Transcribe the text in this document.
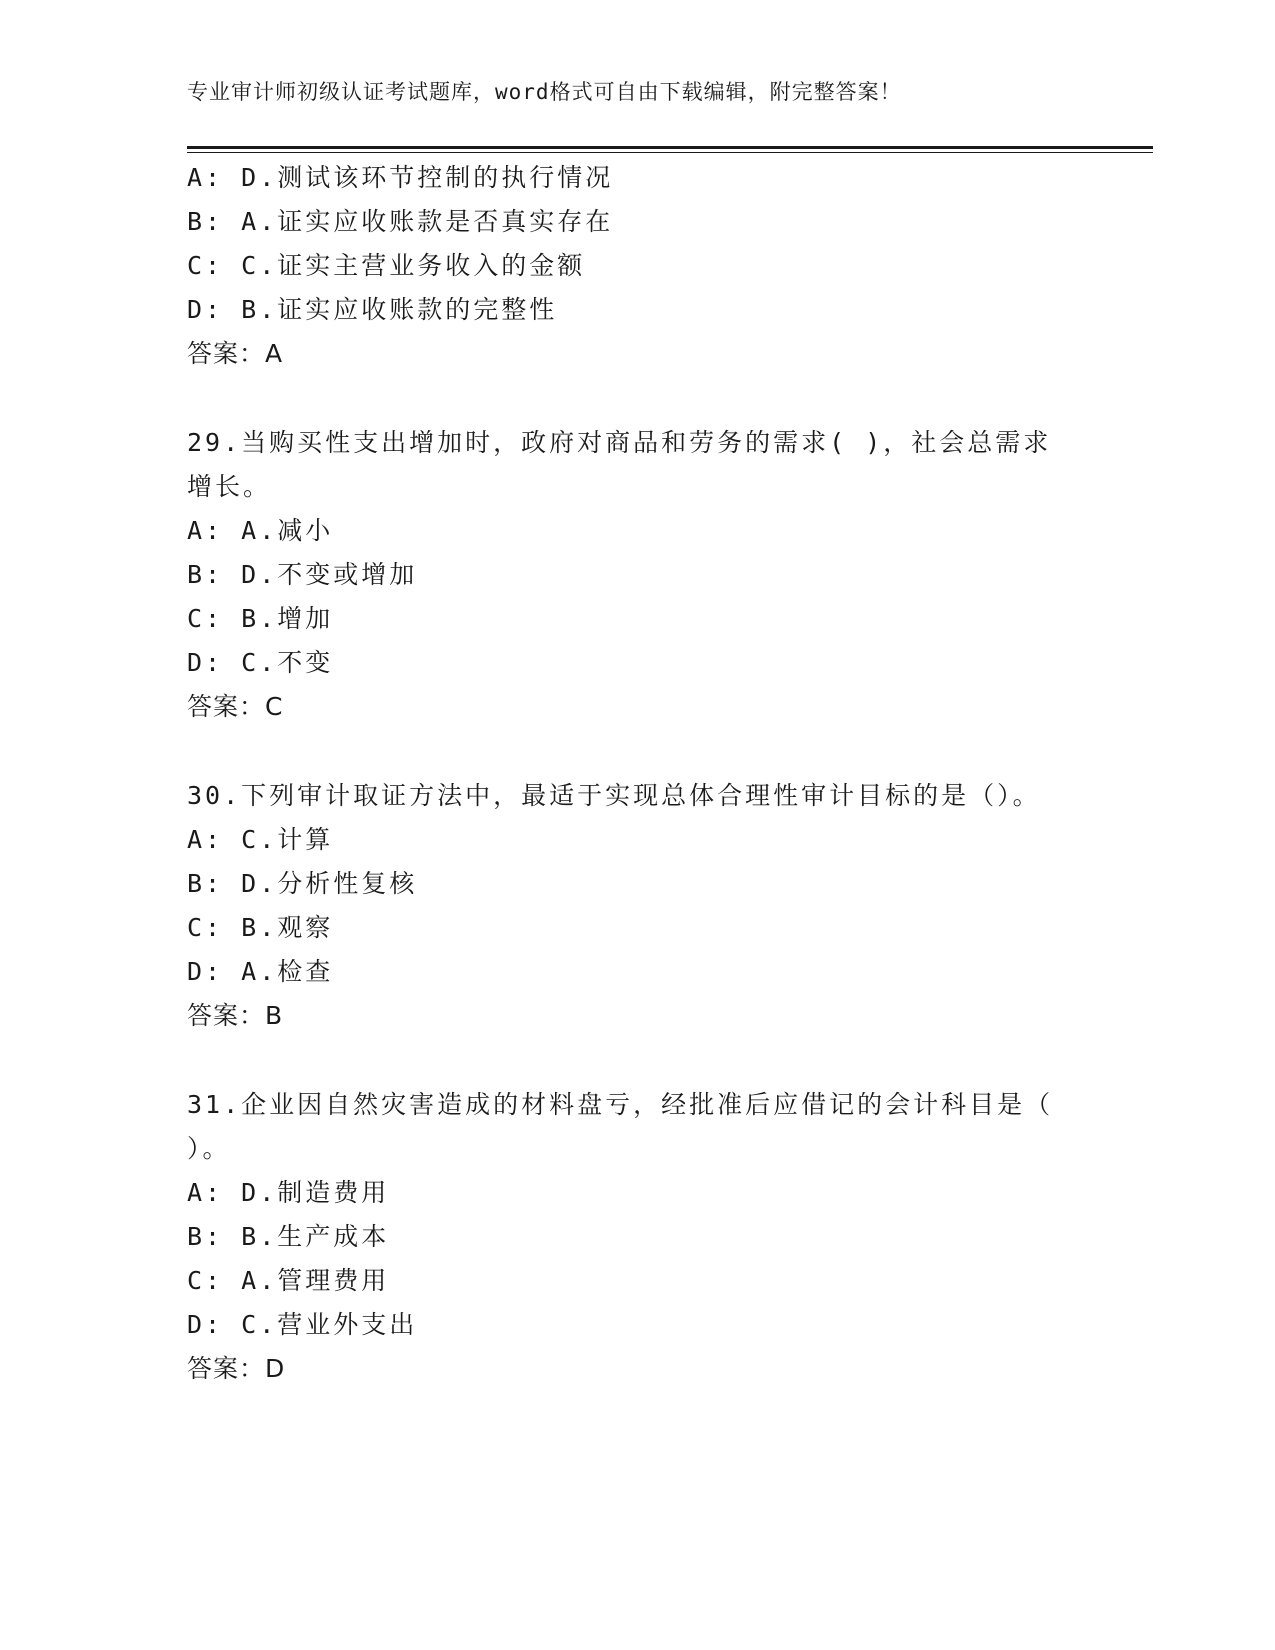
专业审计师初级认证考试题库，word格式可自由下载编辑，附完整答案！
A: D.测试该环节控制的执行情况
B: A.证实应收账款是否真实存在
C: C.证实主营业务收入的金额
D: B.证实应收账款的完整性
答案：A
29.当购买性支出增加时，政府对商品和劳务的需求( )，社会总需求
增长。
A: A.减小
B: D.不变或增加
C: B.增加
D: C.不变
答案：C
30.下列审计取证方法中，最适于实现总体合理性审计目标的是（）。
A: C.计算
B: D.分析性复核
C: B.观察
D: A.检查
答案：B
31.企业因自然灾害造成的材料盘亏，经批准后应借记的会计科目是（
）。
A: D.制造费用
B: B.生产成本
C: A.管理费用
D: C.营业外支出
答案：D
